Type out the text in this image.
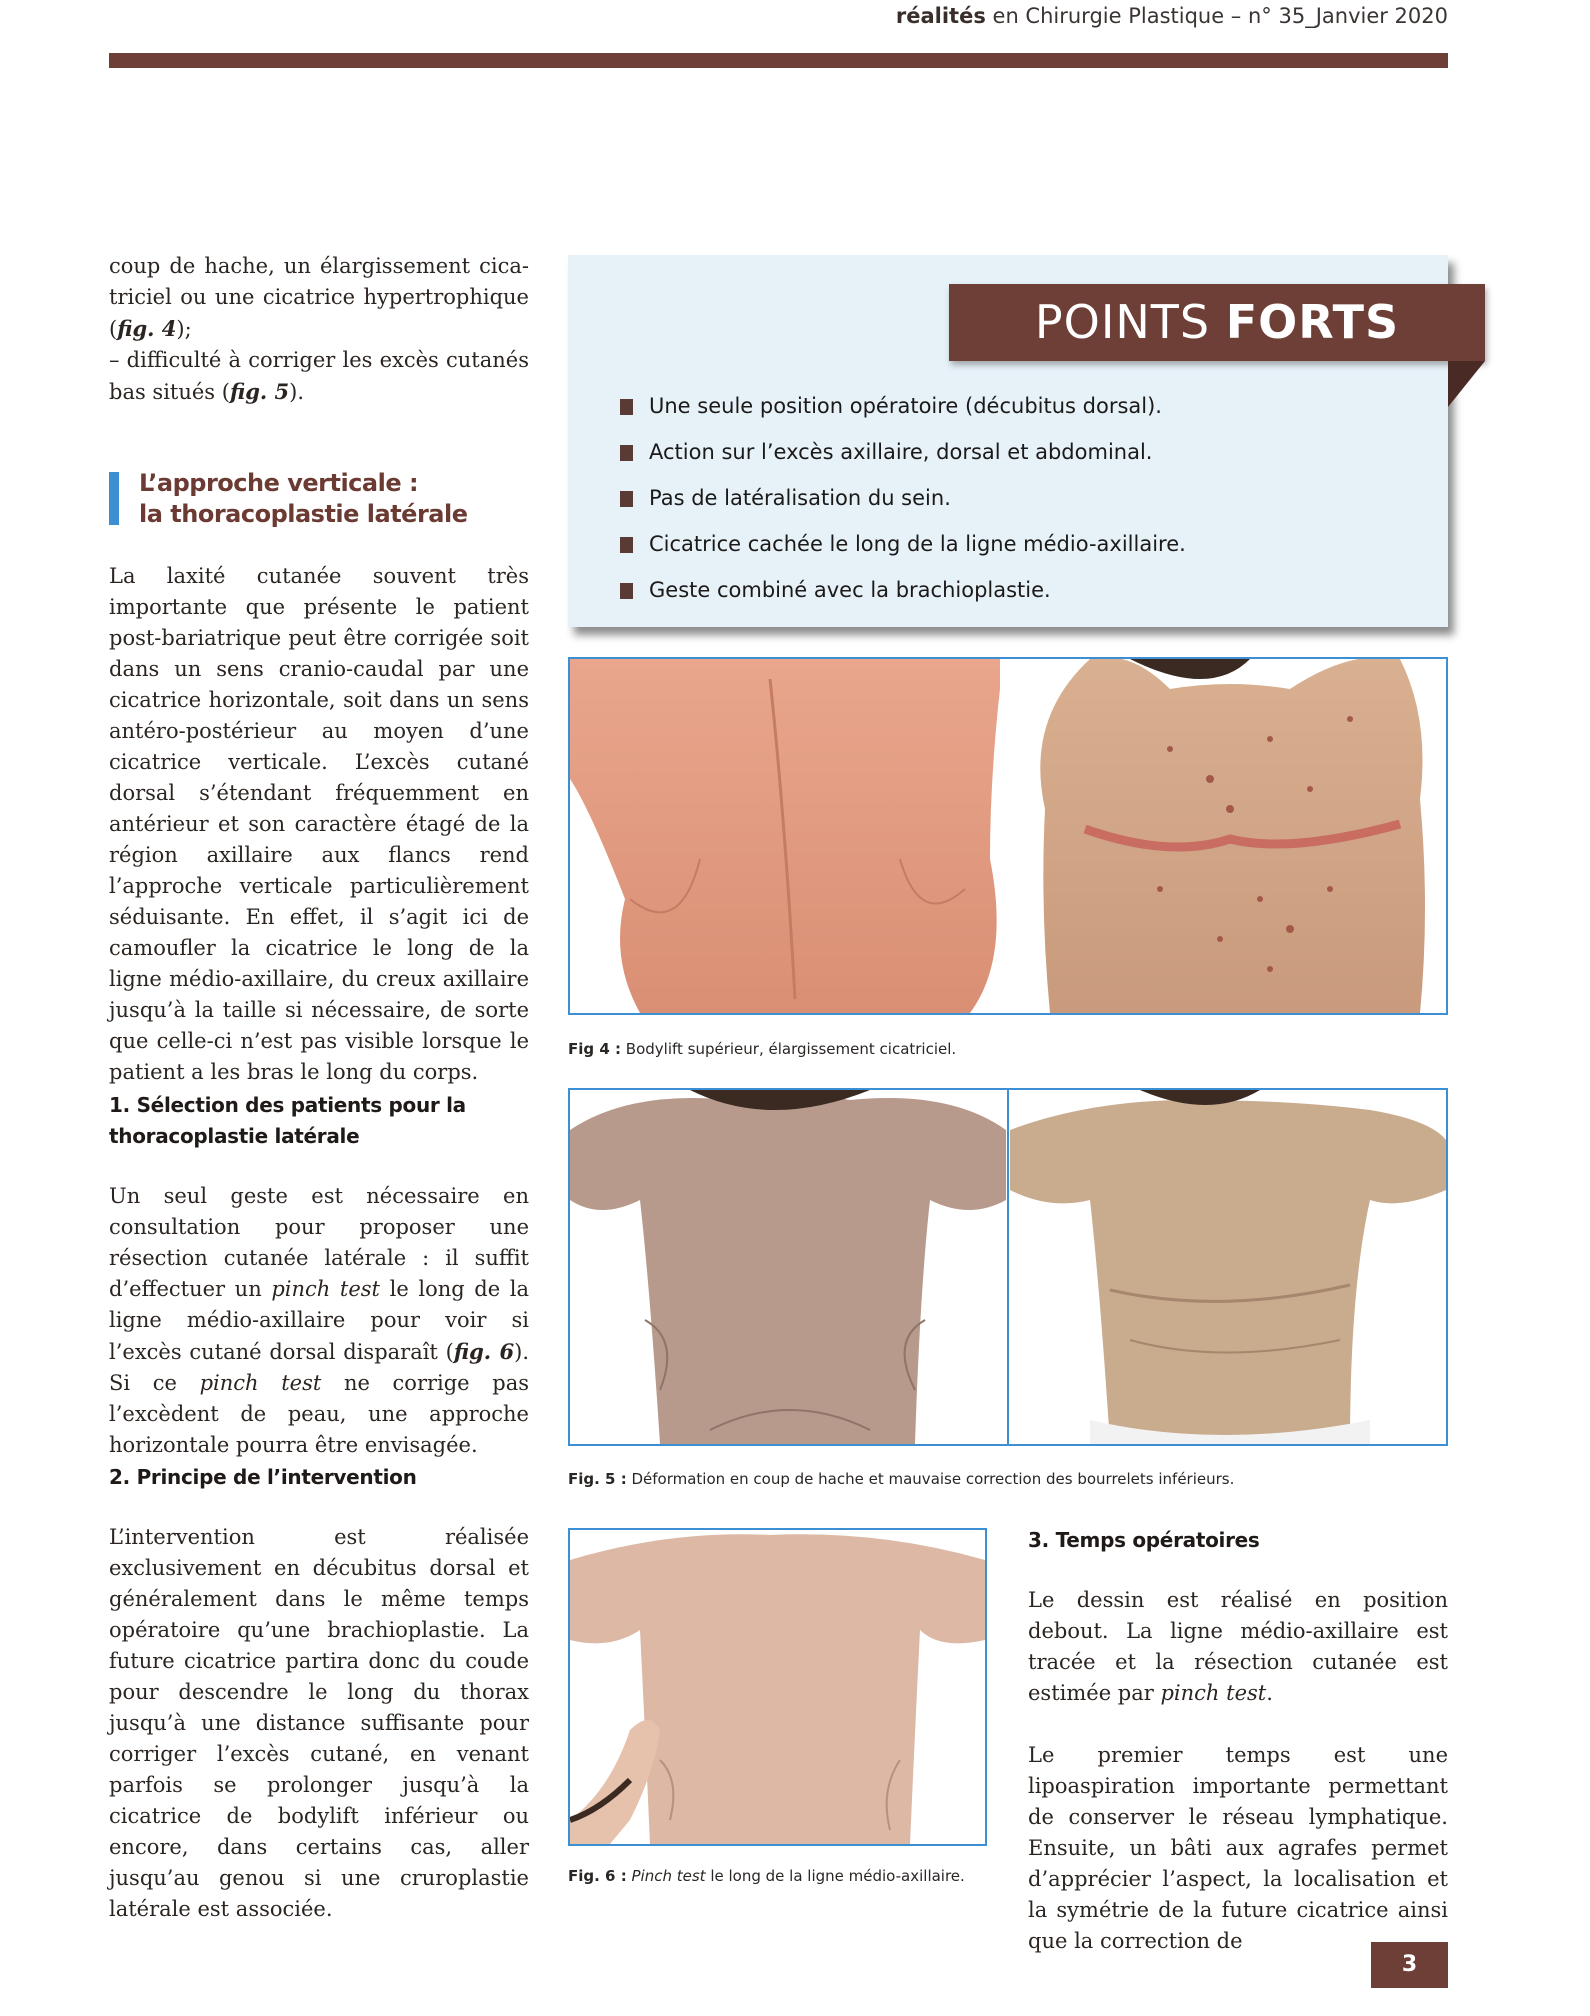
réalités en Chirurgie Plastique – n° 35_Janvier 2020

coup de hache, un élargissement cica-triciel ou une cicatrice hypertrophique (fig. 4);

– difficulté à corriger les excès cutanés bas situés (fig. 5).

L’approche verticale :
la thoracoplastie latérale

La laxité cutanée souvent très importante que présente le patient post-bariatrique peut être corrigée soit dans un sens cranio-caudal par une cicatrice horizontale, soit dans un sens antéro-postérieur au moyen d’une cicatrice verticale. L’excès cutané dorsal s’étendant fréquemment en antérieur et son caractère étagé de la région axillaire aux flancs rend l’approche verticale particulièrement séduisante. En effet, il s’agit ici de camoufler la cicatrice le long de la ligne médio-axillaire, du creux axillaire jusqu’à la taille si nécessaire, de sorte que celle-ci n’est pas visible lorsque le patient a les bras le long du corps.

1. Sélection des patients pour la
thoracoplastie latérale

Un seul geste est nécessaire en consultation pour proposer une résection cutanée latérale : il suffit d’effectuer un pinch test le long de la ligne médio-axillaire pour voir si l’excès cutané dorsal disparaît (fig. 6). Si ce pinch test ne corrige pas l’excèdent de peau, une approche horizontale pourra être envisagée.

2. Principe de l’intervention

L’intervention est réalisée exclusivement en décubitus dorsal et généralement dans le même temps opératoire qu’une brachioplastie. La future cicatrice partira donc du coude pour descendre le long du thorax jusqu’à une distance suffisante pour corriger l’excès cutané, en venant parfois se prolonger jusqu’à la cicatrice de bodylift inférieur ou encore, dans certains cas, aller jusqu’au genou si une cruroplastie latérale est associée.

POINTS FORTS
Une seule position opératoire (décubitus dorsal).
Action sur l’excès axillaire, dorsal et abdominal.
Pas de latéralisation du sein.
Cicatrice cachée le long de la ligne médio-axillaire.
Geste combiné avec la brachioplastie.
Fig 4 : Bodylift supérieur, élargissement cicatriciel.
Fig. 5 : Déformation en coup de hache et mauvaise correction des bourrelets inférieurs.
Fig. 6 : Pinch test le long de la ligne médio-axillaire.
3. Temps opératoires

Le dessin est réalisé en position debout. La ligne médio-axillaire est tracée et la résection cutanée est estimée par pinch test.

Le premier temps est une lipoaspiration importante permettant de conserver le réseau lymphatique. Ensuite, un bâti aux agrafes permet d’apprécier l’aspect, la localisation et la symétrie de la future cicatrice ainsi que la correction de

3
